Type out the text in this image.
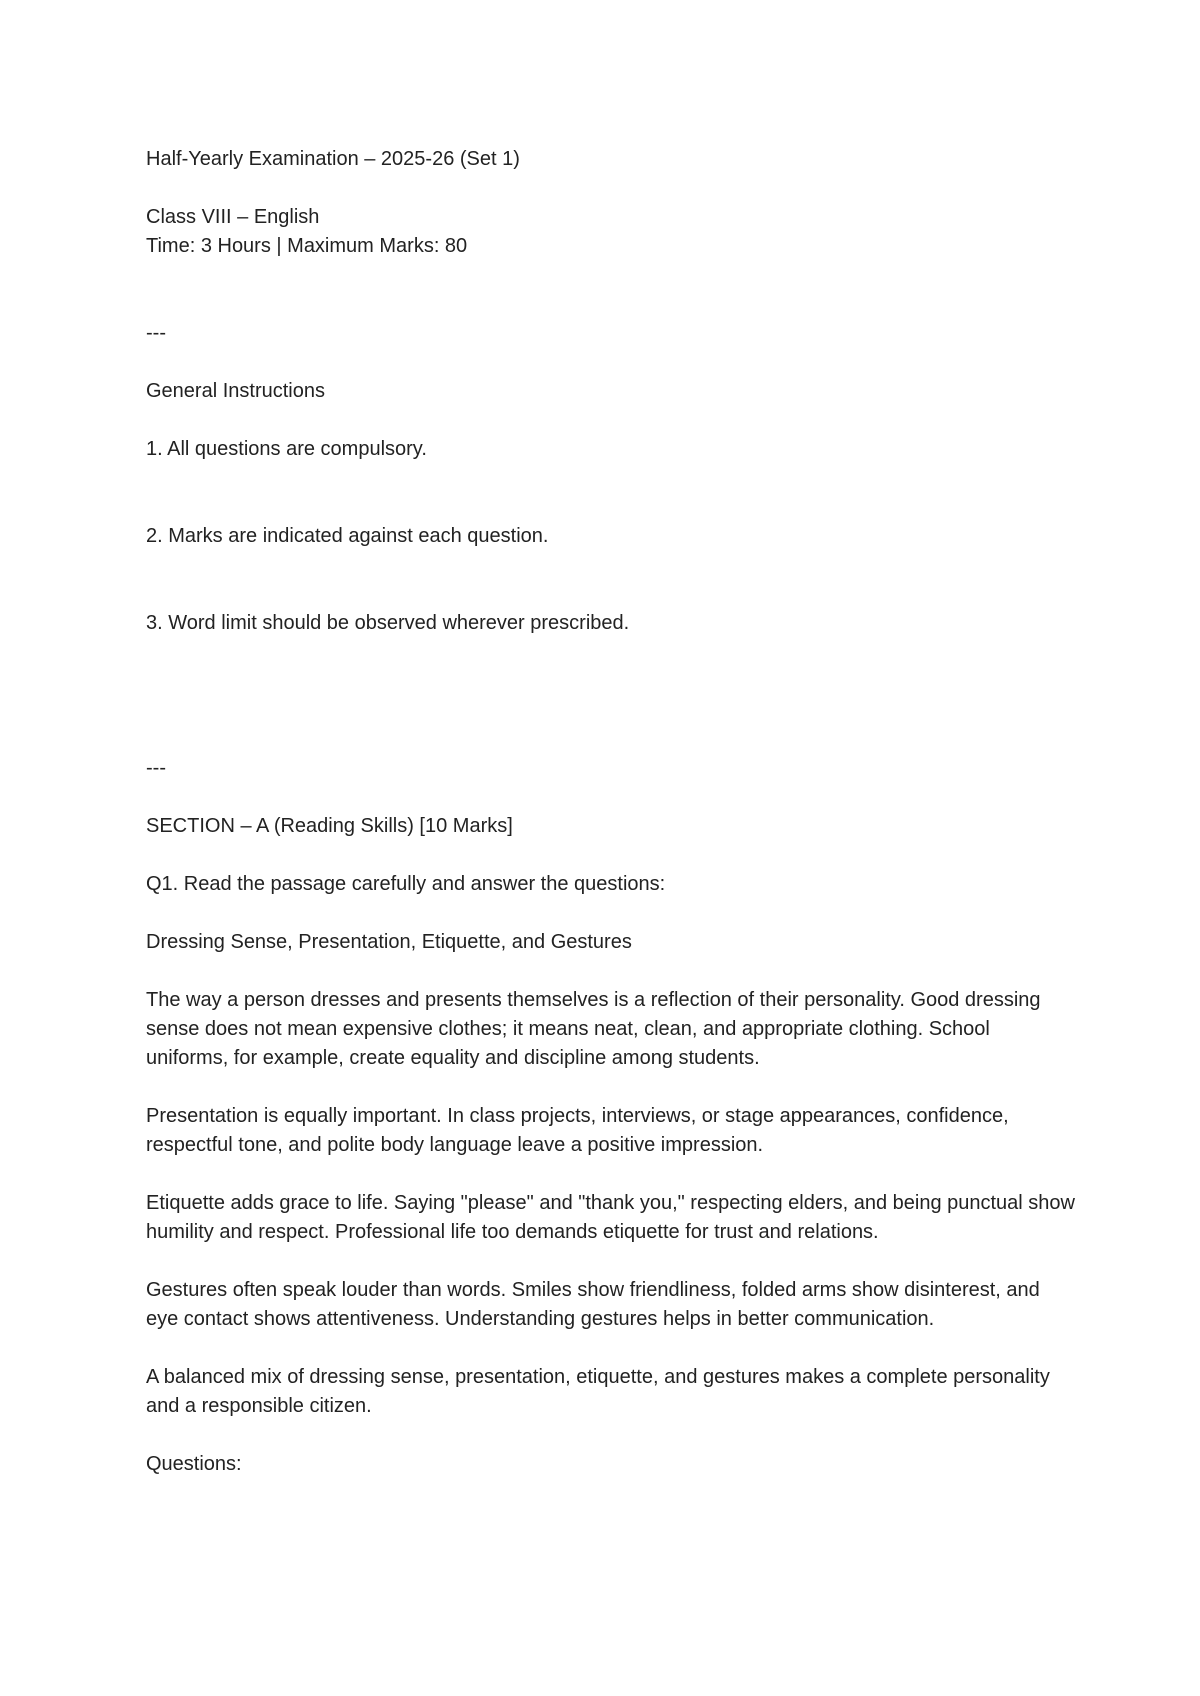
Half-Yearly Examination – 2025-26 (Set 1)

Class VIII – English

Time: 3 Hours | Maximum Marks: 80

---

General Instructions

1. All questions are compulsory.

2. Marks are indicated against each question.

3. Word limit should be observed wherever prescribed.

---

SECTION – A (Reading Skills) [10 Marks]

Q1. Read the passage carefully and answer the questions:

Dressing Sense, Presentation, Etiquette, and Gestures

The way a person dresses and presents themselves is a reflection of their personality. Good dressing sense does not mean expensive clothes; it means neat, clean, and appropriate clothing. School uniforms, for example, create equality and discipline among students.

Presentation is equally important. In class projects, interviews, or stage appearances, confidence, respectful tone, and polite body language leave a positive impression.

Etiquette adds grace to life. Saying "please" and "thank you," respecting elders, and being punctual show humility and respect. Professional life too demands etiquette for trust and relations.

Gestures often speak louder than words. Smiles show friendliness, folded arms show disinterest, and eye contact shows attentiveness. Understanding gestures helps in better communication.

A balanced mix of dressing sense, presentation, etiquette, and gestures makes a complete personality and a responsible citizen.

Questions:
